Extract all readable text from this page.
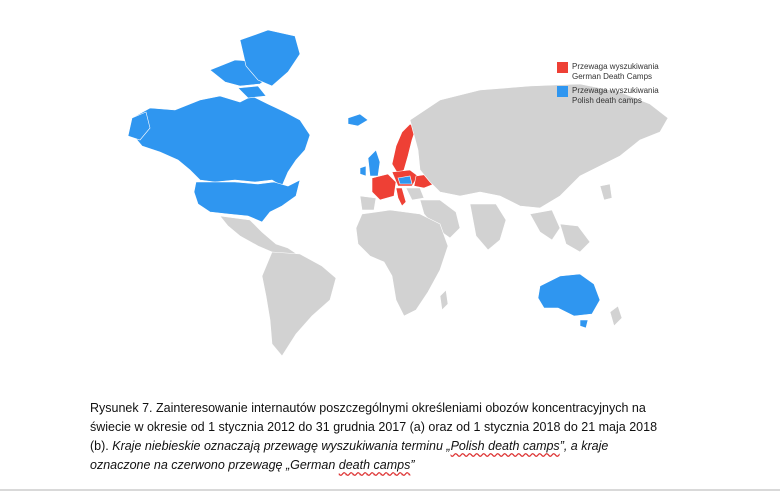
Przewaga wyszukiwania
German Death Camps
Przewaga wyszukiwania
Polish death camps
Rysunek 7. Zainteresowanie internautów poszczególnymi określeniami obozów koncentracyjnych na
świecie w okresie od 1 stycznia 2012 do 31 grudnia 2017 (a) oraz od 1 stycznia 2018 do 21 maja 2018
(b). Kraje niebieskie oznaczają przewagę wyszukiwania terminu „Polish death camps”, a kraje
oznaczone na czerwono przewagę „German death camps”
